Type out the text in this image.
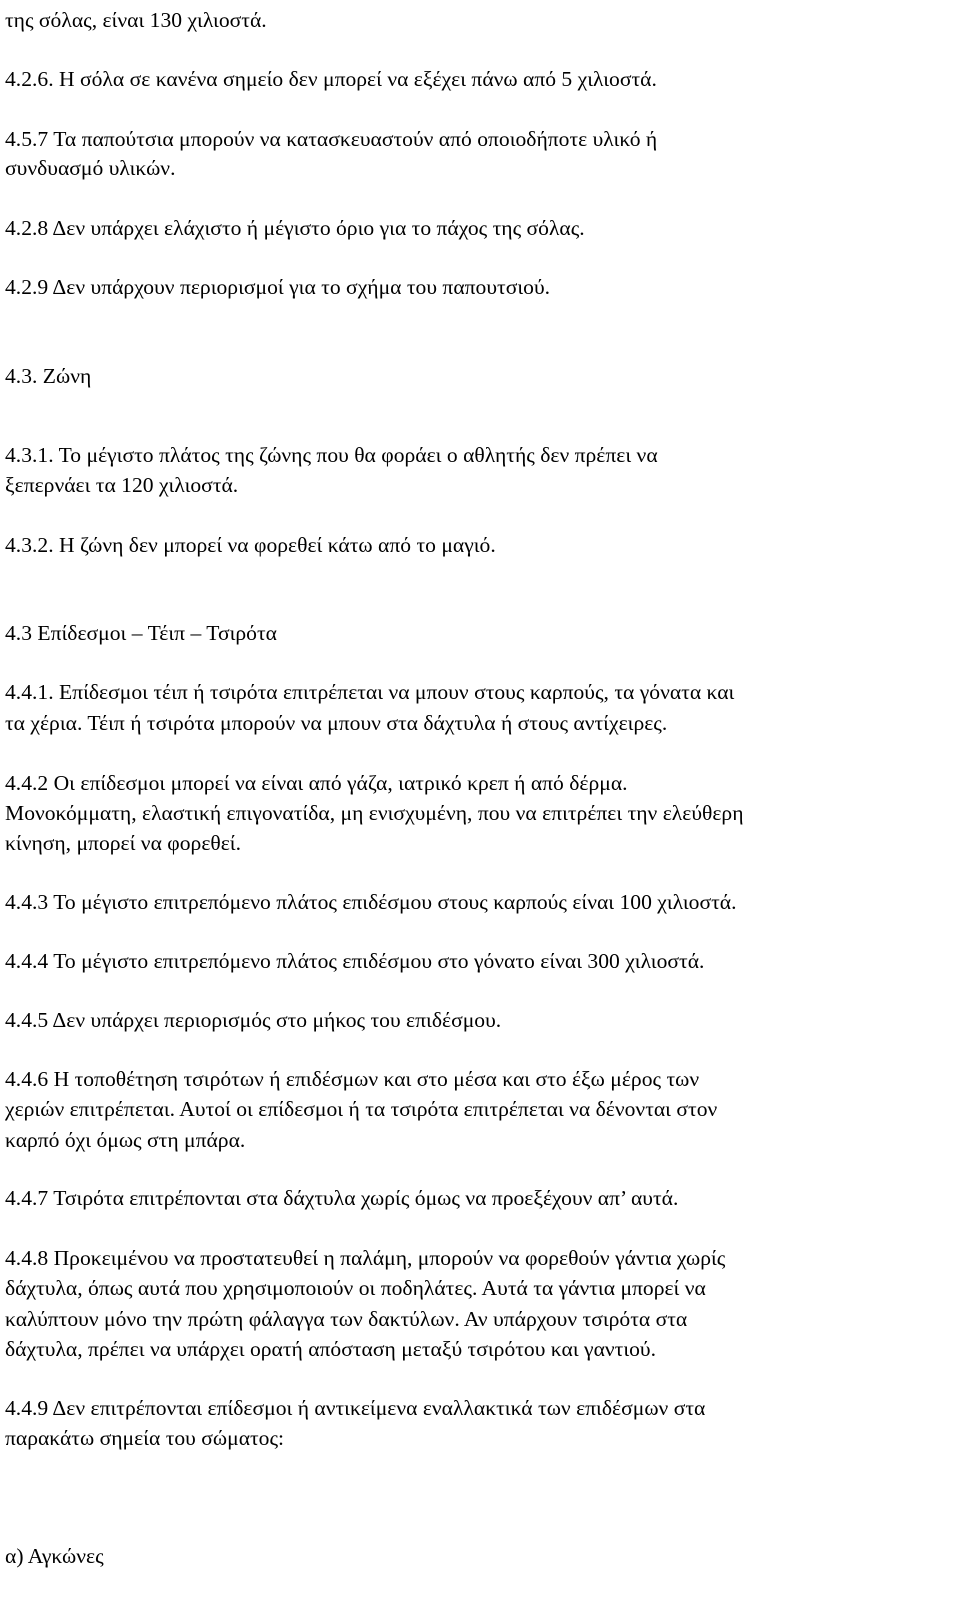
της σόλας, είναι 130 χιλιοστά.
4.2.6. Η σόλα σε κανένα σημείο δεν μπορεί να εξέχει πάνω από 5 χιλιοστά.
4.5.7 Τα παπούτσια μπορούν να κατασκευαστούν από οποιοδήποτε υλικό ή
συνδυασμό υλικών.
4.2.8 Δεν υπάρχει ελάχιστο ή μέγιστο όριο για το πάχος της σόλας.
4.2.9 Δεν υπάρχουν περιορισμοί για το σχήμα του παπουτσιού.
4.3. Ζώνη
4.3.1. Το μέγιστο πλάτος της ζώνης που θα φοράει ο αθλητής δεν πρέπει να
ξεπερνάει τα 120 χιλιοστά.
4.3.2. Η ζώνη δεν μπορεί να φορεθεί κάτω από το μαγιό.
4.3 Επίδεσμοι – Τέιπ – Τσιρότα
4.4.1. Επίδεσμοι τέιπ ή τσιρότα επιτρέπεται να μπουν στους καρπούς, τα γόνατα και
τα χέρια. Τέιπ ή τσιρότα μπορούν να μπουν στα δάχτυλα ή στους αντίχειρες.
4.4.2 Οι επίδεσμοι μπορεί να είναι από γάζα, ιατρικό κρεπ ή από δέρμα.
Μονοκόμματη, ελαστική επιγονατίδα, μη ενισχυμένη, που να επιτρέπει την ελεύθερη
κίνηση, μπορεί να φορεθεί.
4.4.3 Το μέγιστο επιτρεπόμενο πλάτος επιδέσμου στους καρπούς είναι 100 χιλιοστά.
4.4.4 Το μέγιστο επιτρεπόμενο πλάτος επιδέσμου στο γόνατο είναι 300 χιλιοστά.
4.4.5 Δεν υπάρχει περιορισμός στο μήκος του επιδέσμου.
4.4.6 Η τοποθέτηση τσιρότων ή επιδέσμων και στο μέσα και στο έξω μέρος των
χεριών επιτρέπεται. Αυτοί οι επίδεσμοι ή τα τσιρότα επιτρέπεται να δένονται στον
καρπό όχι όμως στη μπάρα.
4.4.7 Τσιρότα επιτρέπονται στα δάχτυλα χωρίς όμως να προεξέχουν απ’ αυτά.
4.4.8 Προκειμένου να προστατευθεί η παλάμη, μπορούν να φορεθούν γάντια χωρίς
δάχτυλα, όπως αυτά που χρησιμοποιούν οι ποδηλάτες. Αυτά τα γάντια μπορεί να
καλύπτουν μόνο την πρώτη φάλαγγα των δακτύλων. Αν υπάρχουν τσιρότα στα
δάχτυλα, πρέπει να υπάρχει ορατή απόσταση μεταξύ τσιρότου και γαντιού.
4.4.9 Δεν επιτρέπονται επίδεσμοι ή αντικείμενα εναλλακτικά των επιδέσμων στα
παρακάτω σημεία του σώματος:
α) Αγκώνες
